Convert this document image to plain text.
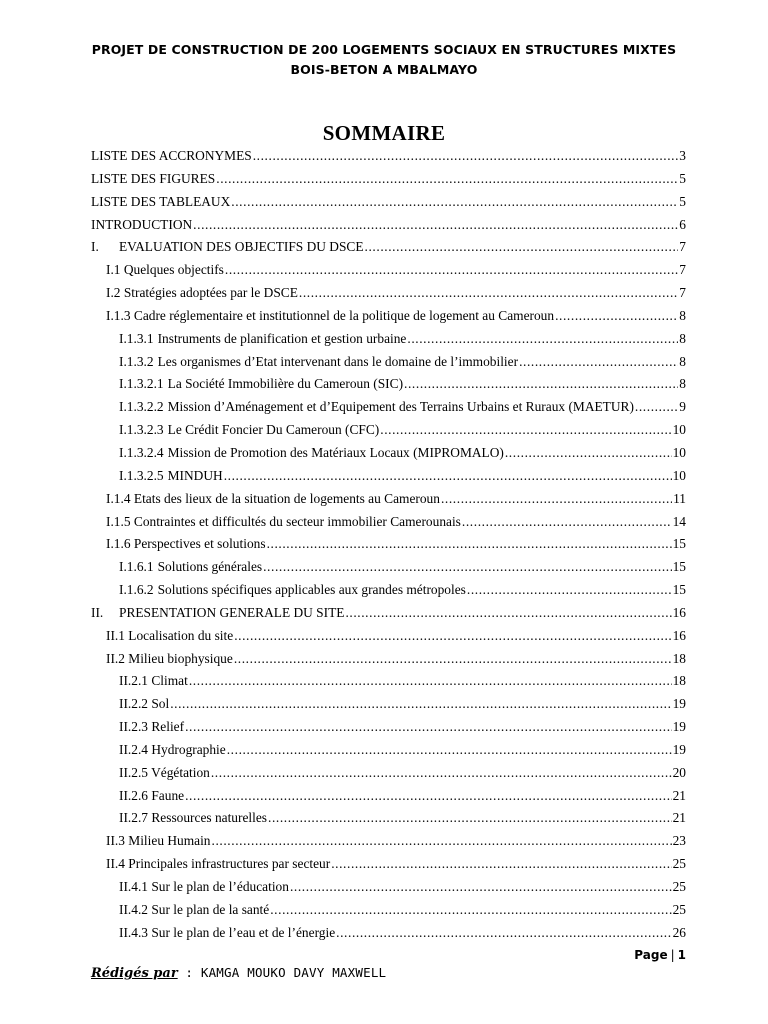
PROJET DE CONSTRUCTION DE 200 LOGEMENTS SOCIAUX EN STRUCTURES MIXTES
BOIS-BETON A MBALMAYO
SOMMAIRE
LISTE DES ACCRONYMES .....	3
LISTE DES FIGURES .....	5
LISTE DES TABLEAUX .....	5
INTRODUCTION .....	6
I.	EVALUATION DES OBJECTIFS DU DSCE .....	7
I.1 Quelques objectifs .....	7
I.2 Stratégies adoptées par le DSCE .....	7
I.1.3 Cadre réglementaire et institutionnel de la politique de logement au Cameroun .....	8
I.1.3.1 Instruments de planification et gestion urbaine .....	8
I.1.3.2 Les organismes d’Etat intervenant dans le domaine de l’immobilier .....	8
I.1.3.2.1 La Société Immobilière du Cameroun (SIC) .....	8
I.1.3.2.2 Mission d’Aménagement et d’Equipement des Terrains Urbains et Ruraux (MAETUR) .....	9
I.1.3.2.3 Le Crédit Foncier Du Cameroun (CFC) .....	10
I.1.3.2.4 Mission de Promotion des Matériaux Locaux (MIPROMALO) .....	10
I.1.3.2.5 MINDUH .....	10
I.1.4 Etats des lieux de la situation de logements au Cameroun .....	11
I.1.5 Contraintes et difficultés du secteur immobilier Camerounais .....	14
I.1.6 Perspectives et solutions .....	15
I.1.6.1 Solutions générales .....	15
I.1.6.2 Solutions spécifiques applicables aux grandes métropoles .....	15
II.	PRESENTATION GENERALE DU SITE .....	16
II.1 Localisation du site .....	16
II.2 Milieu biophysique .....	18
II.2.1 Climat .....	18
II.2.2 Sol .....	19
II.2.3 Relief .....	19
II.2.4 Hydrographie .....	19
II.2.5 Végétation .....	20
II.2.6 Faune .....	21
II.2.7 Ressources naturelles .....	21
II.3 Milieu Humain .....	23
II.4 Principales infrastructures par secteur .....	25
II.4.1 Sur le plan de l’éducation .....	25
II.4.2 Sur le plan de la santé .....	25
II.4.3 Sur le plan de l’eau et de l’énergie .....	26
Page | 1
Rédigés par : KAMGA MOUKO DAVY MAXWELL
